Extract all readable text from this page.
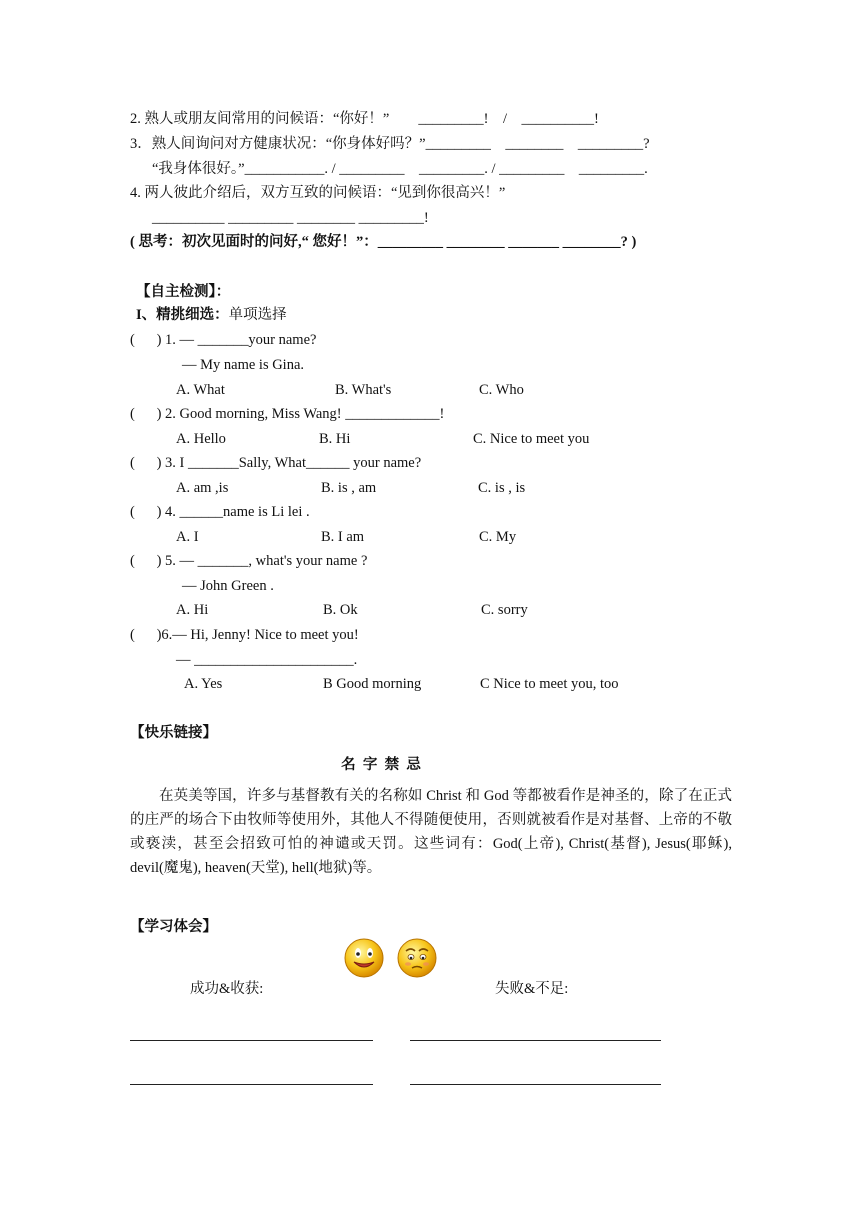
2. 熟人或朋友间常用的问候语：“你好！”        _________!    /    __________!
3．熟人间询问对方健康状况：“你身体好吗？”_________    ________    _________?
“我身体很好。”___________. / _________    _________. / _________    _________.
4. 两人彼此介绍后，双方互致的问候语：“见到你很高兴！”
__________ _________ ________ _________!
( 思考：初次见面时的问好,“ 您好！”：_________ ________ _______ ________? )
【自主检测】：
I、精挑细选：单项选择
(      ) 1. — _______your name?
— My name is Gina.
A. What	B. What's	C. Who
(      ) 2. Good morning, Miss Wang! _____________!
A. Hello	B. Hi	C. Nice to meet you
(      ) 3. I _______Sally, What______ your name?
A. am ,is	B. is , am	C. is , is
(      ) 4. ______name is Li lei .
A. I	B. I am	C. My
(      ) 5. — _______, what's your name ?
— John Green .
A. Hi	B. Ok	C. sorry
(      )6.— Hi, Jenny! Nice to meet you!
— ______________________.
A. Yes	B Good morning	C Nice to meet you, too
【快乐链接】
名  字  禁  忌
在英美等国，许多与基督教有关的名称如 Christ 和 God 等都被看作是神圣的，除了在正式的庄严的场合下由牧师等使用外，其他人不得随便使用，否则就被看作是对基督、上帝的不敬或亵渎，甚至会招致可怕的神谴或天罚。这些词有：God(上帝), Christ(基督), Jesus(耶稣), devil(魔鬼), heaven(天堂), hell(地狱)等。
【学习体会】
成功&收获:	失败&不足:
